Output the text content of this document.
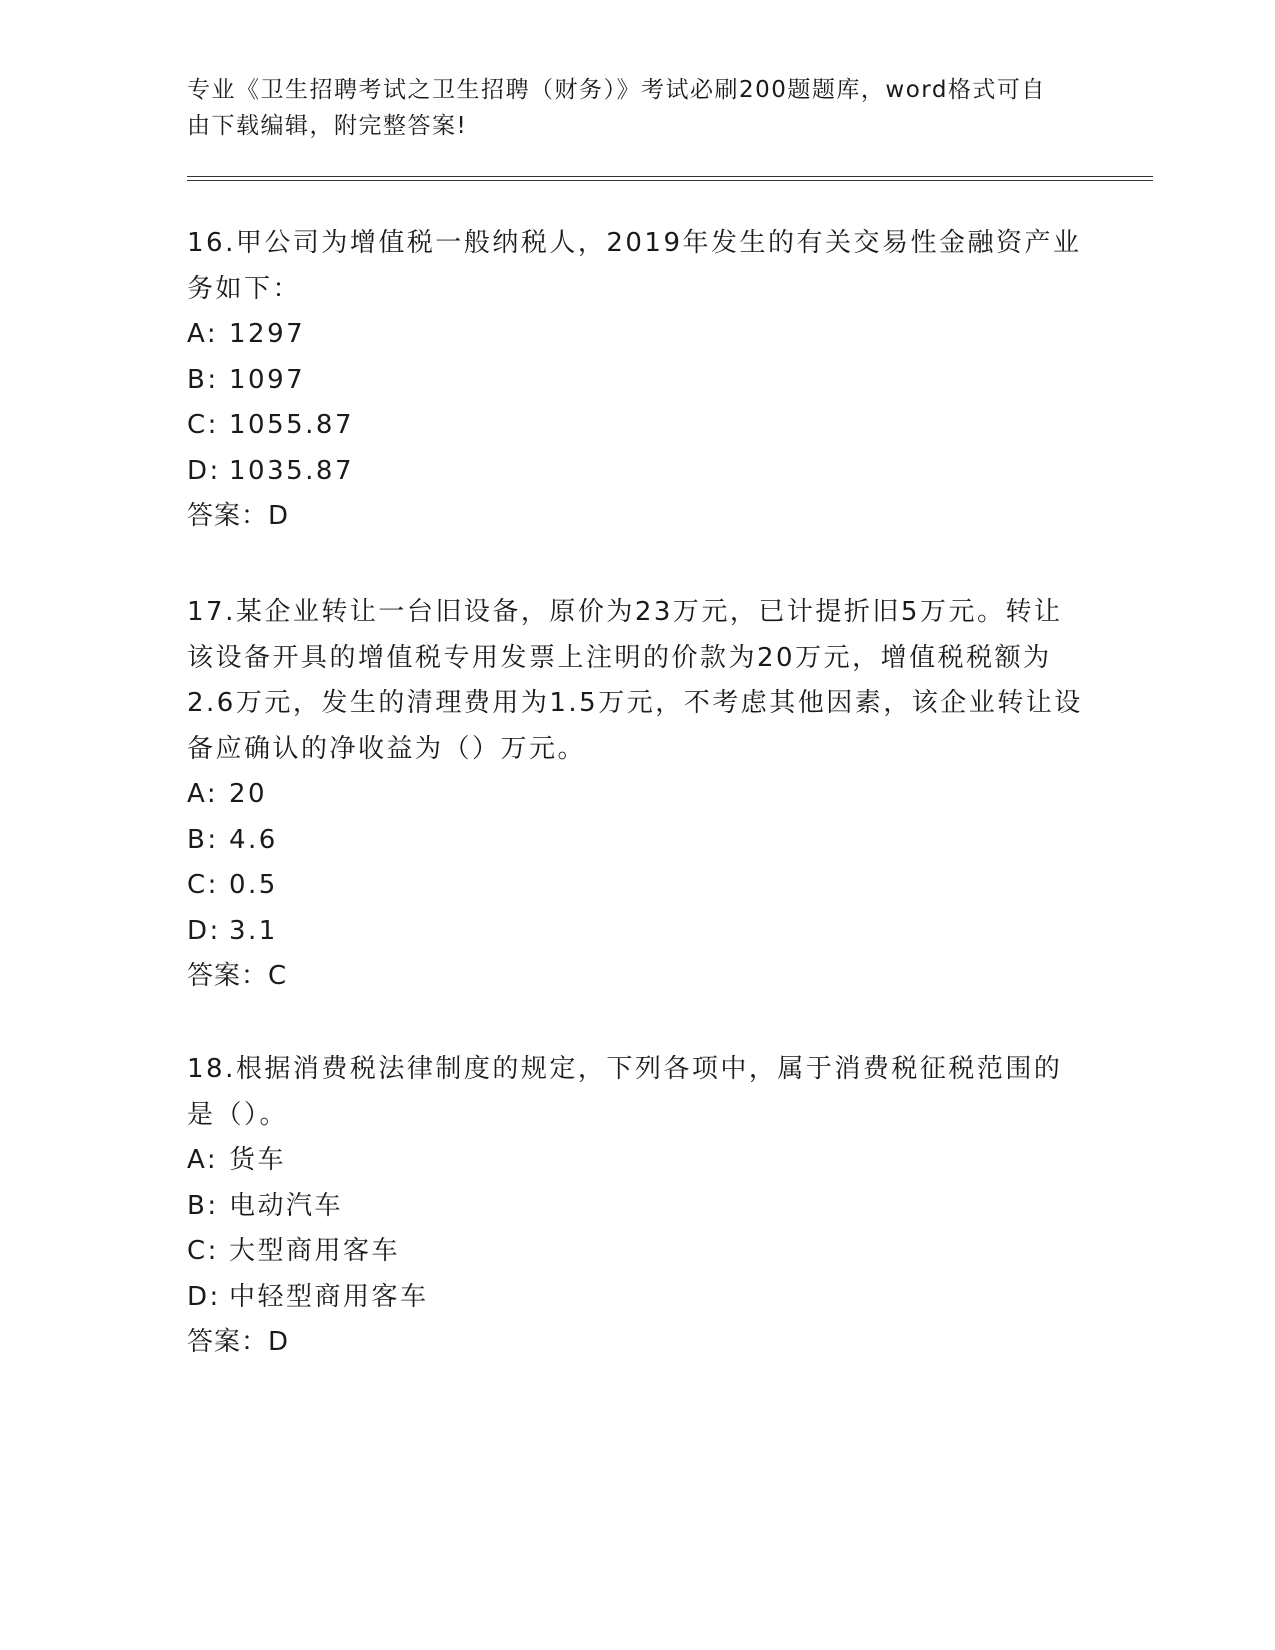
专业《卫生招聘考试之卫生招聘（财务）》考试必刷200题题库，word格式可自由下载编辑，附完整答案!
16.甲公司为增值税一般纳税人，2019年发生的有关交易性金融资产业务如下：
A: 1297
B: 1097
C: 1055.87
D: 1035.87
答案：D
17.某企业转让一台旧设备，原价为23万元，已计提折旧5万元。转让该设备开具的增值税专用发票上注明的价款为20万元，增值税税额为2.6万元，发生的清理费用为1.5万元，不考虑其他因素，该企业转让设备应确认的净收益为（）万元。
A: 20
B: 4.6
C: 0.5
D: 3.1
答案：C
18.根据消费税法律制度的规定，下列各项中，属于消费税征税范围的是（）。
A: 货车
B: 电动汽车
C: 大型商用客车
D: 中轻型商用客车
答案：D
